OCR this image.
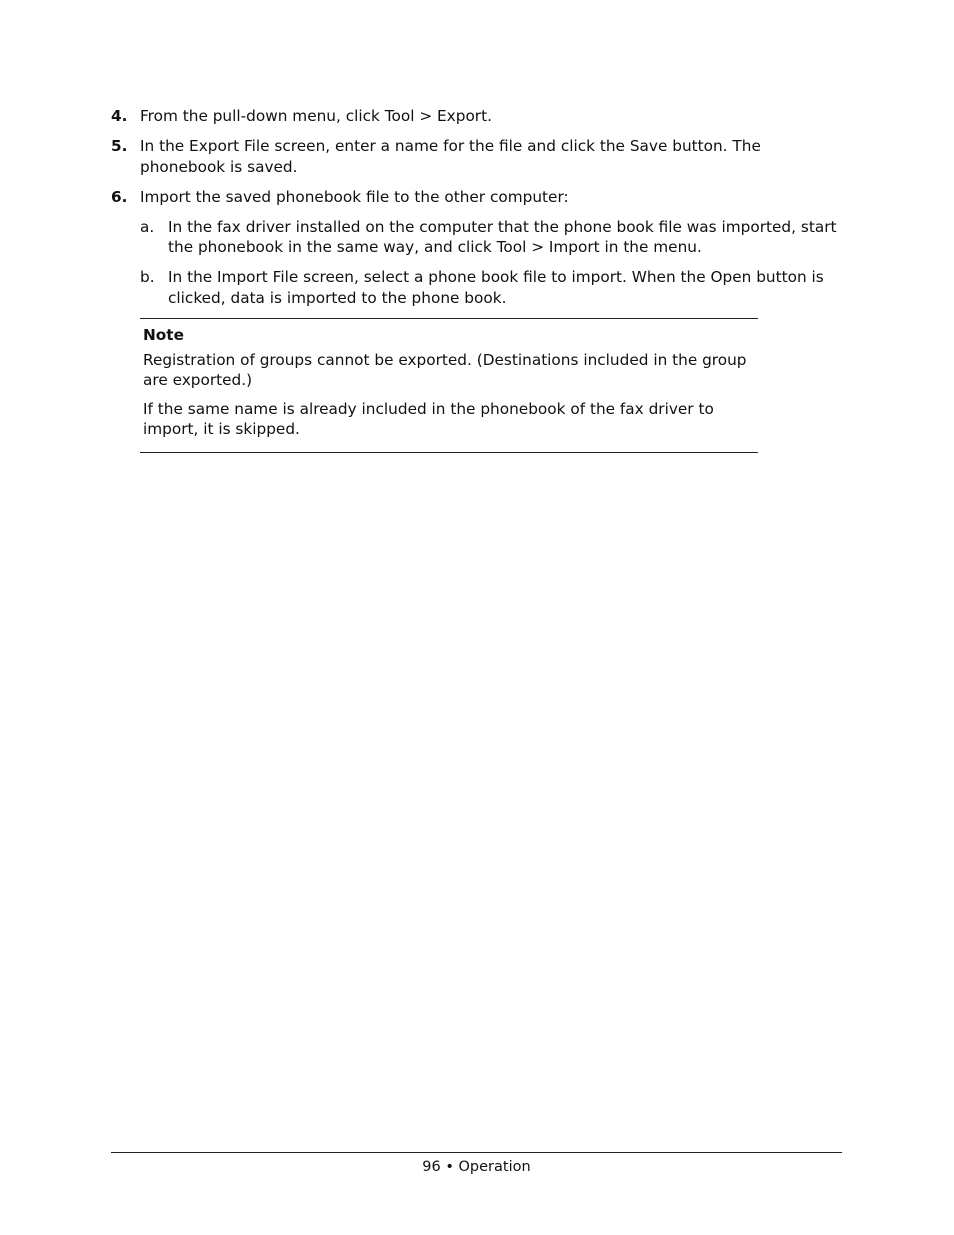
4. From the pull-down menu, click Tool > Export.
5. In the Export File screen, enter a name for the file and click the Save button. The phonebook is saved.
6. Import the saved phonebook file to the other computer:
a. In the fax driver installed on the computer that the phone book file was imported, start the phonebook in the same way, and click Tool > Import in the menu.
b. In the Import File screen, select a phone book file to import. When the Open button is clicked, data is imported to the phone book.
Note
Registration of groups cannot be exported. (Destinations included in the group are exported.)
If the same name is already included in the phonebook of the fax driver to import, it is skipped.
96 • Operation
